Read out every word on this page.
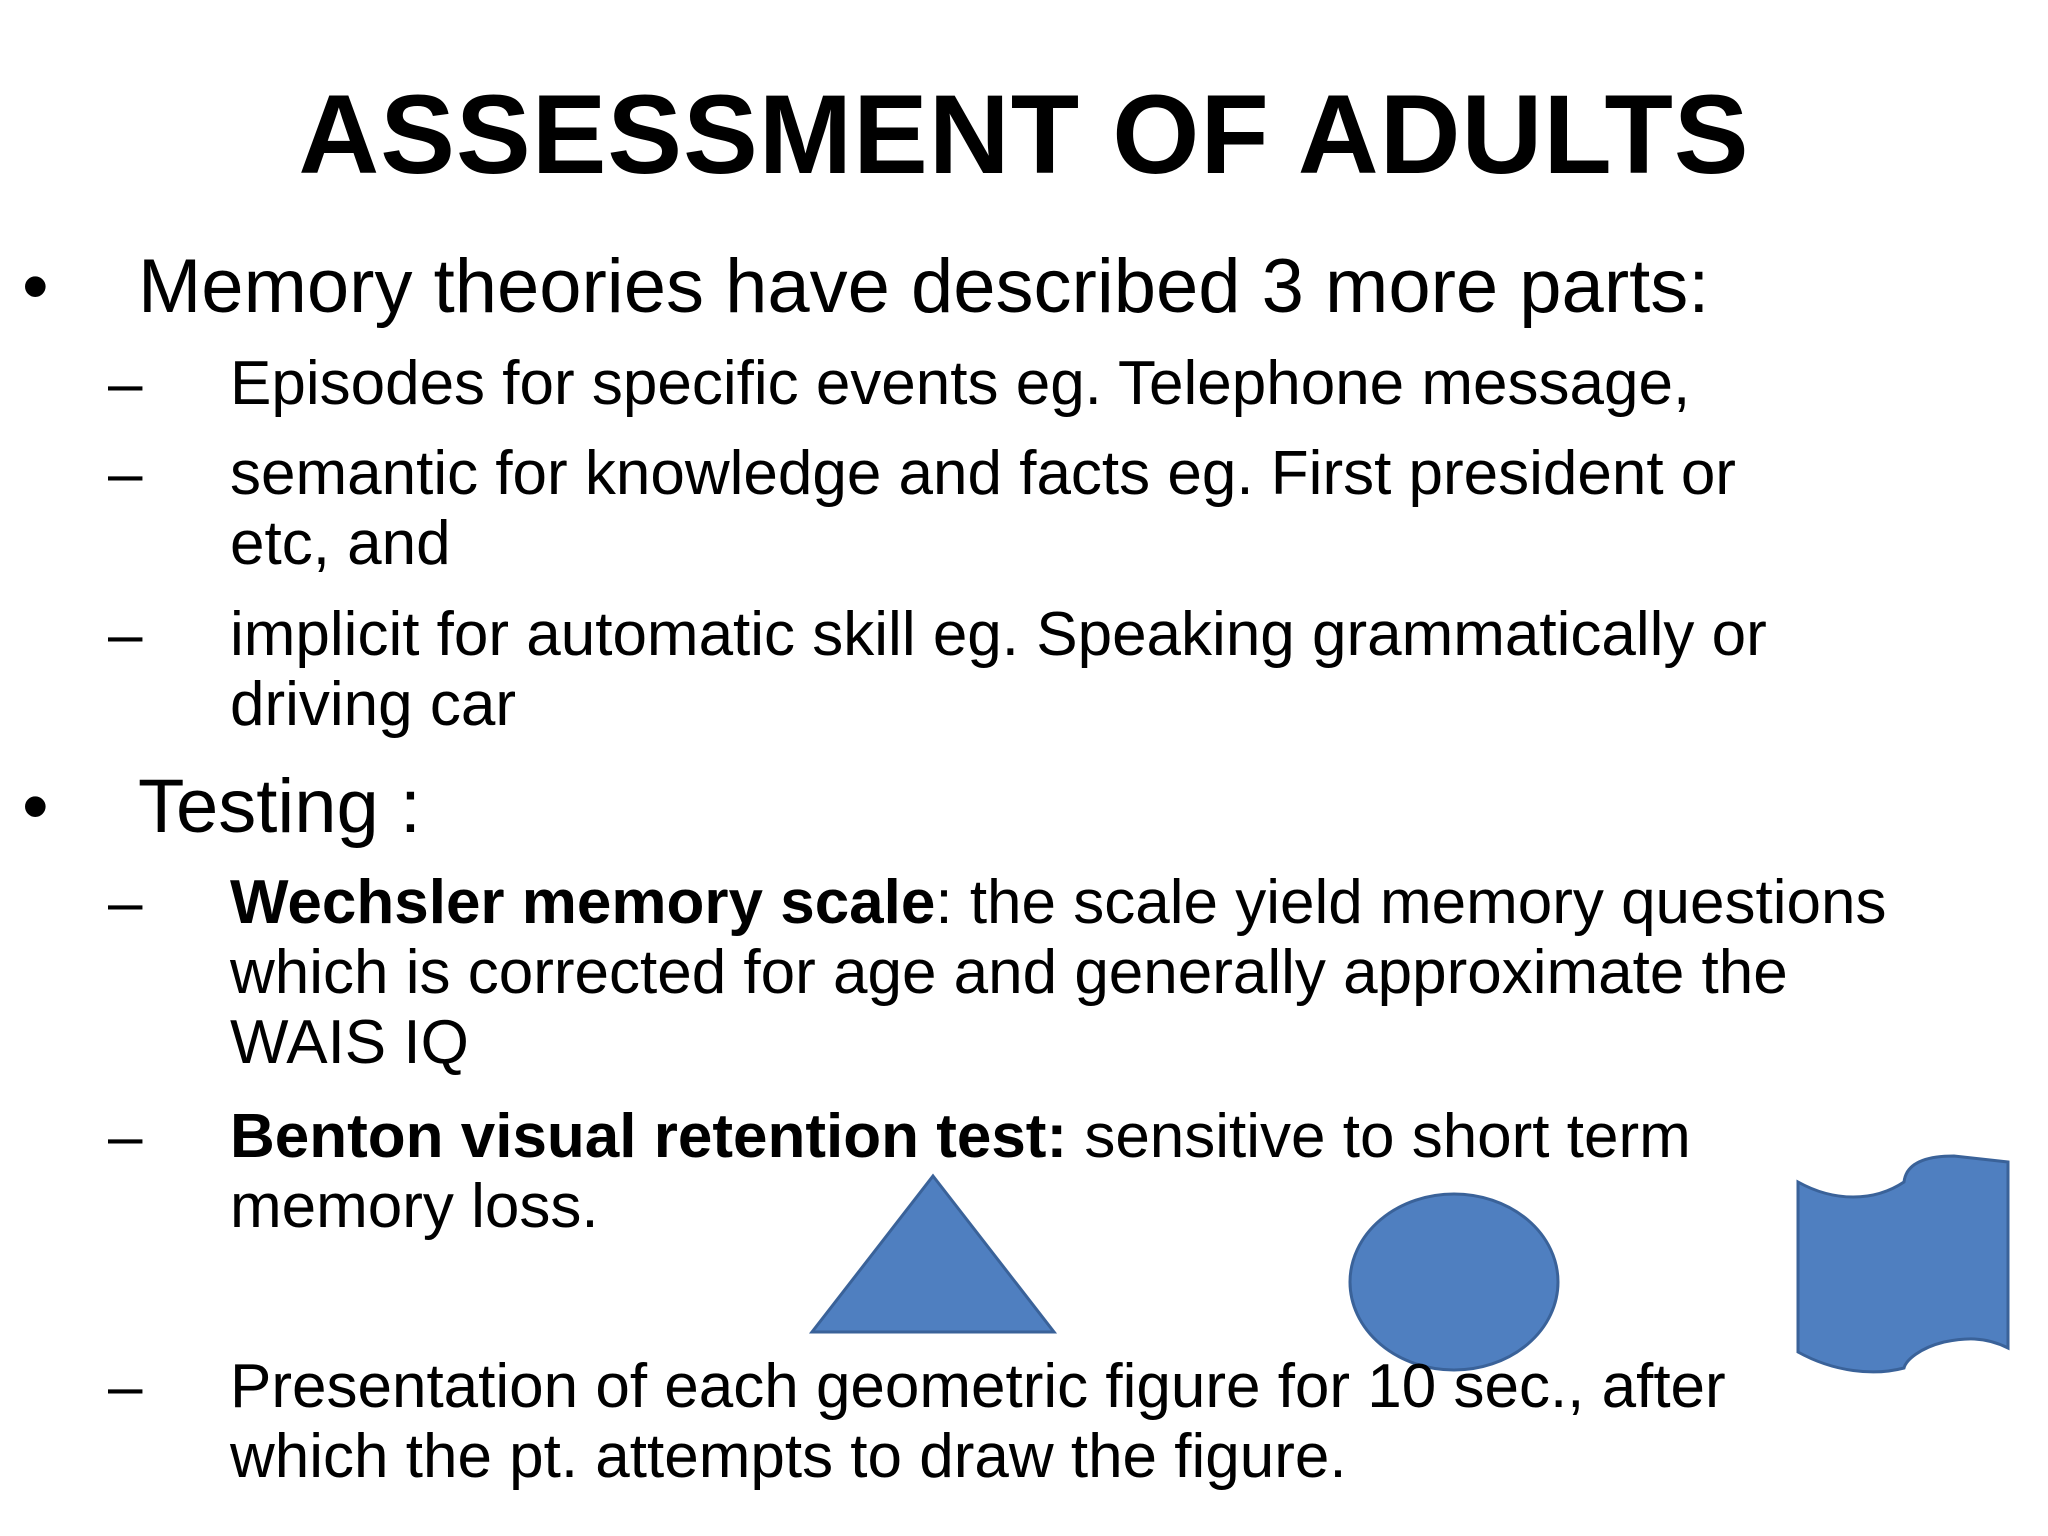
ASSESSMENT OF ADULTS
• Memory theories have described 3 more parts:
– Episodes for specific events eg. Telephone message,
– semantic for knowledge and facts eg. First president or
etc, and
– implicit for automatic skill eg. Speaking grammatically or
driving car
• Testing :
– Wechsler memory scale: the scale yield memory questions
which is corrected for age and generally approximate the
WAIS IQ
– Benton visual retention test: sensitive to short term
memory loss.
– Presentation of each geometric figure for 10 sec., after
which the pt. attempts to draw the figure.
